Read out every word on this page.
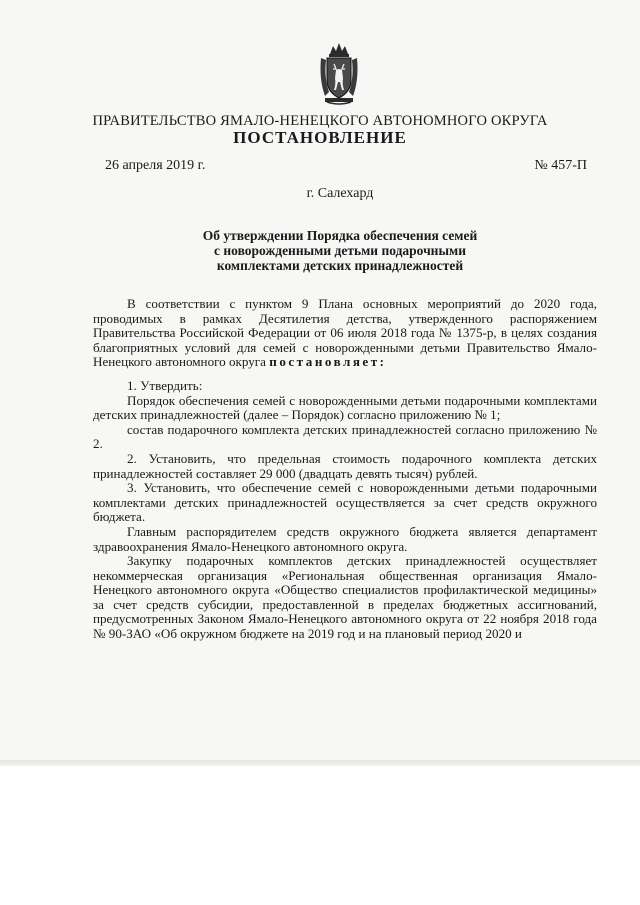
ПРАВИТЕЛЬСТВО ЯМАЛО-НЕНЕЦКОГО АВТОНОМНОГО ОКРУГА
ПОСТАНОВЛЕНИЕ
26 апреля 2019 г.	№ 457-П
г. Салехард
Об утверждении Порядка обеспечения семей
с новорожденными детьми подарочными
комплектами детских принадлежностей

В соответствии с пунктом 9 Плана основных мероприятий до 2020 года, проводимых в рамках Десятилетия детства, утвержденного распоряжением Правительства Российской Федерации от 06 июля 2018 года № 1375-р, в целях создания благоприятных условий для семей с новорожденными детьми Правительство Ямало-Ненецкого автономного округа постановляет:

1. Утвердить:

Порядок обеспечения семей с новорожденными детьми подарочными комплектами детских принадлежностей (далее – Порядок) согласно приложению № 1;

состав подарочного комплекта детских принадлежностей согласно приложению № 2.

2. Установить, что предельная стоимость подарочного комплекта детских принадлежностей составляет 29 000 (двадцать девять тысяч) рублей.

3. Установить, что обеспечение семей с новорожденными детьми подарочными комплектами детских принадлежностей осуществляется за счет средств окружного бюджета.

Главным распорядителем средств окружного бюджета является департамент здравоохранения Ямало-Ненецкого автономного округа.

Закупку подарочных комплектов детских принадлежностей осуществляет некоммерческая организация «Региональная общественная организация Ямало-Ненецкого автономного округа «Общество специалистов профилактической медицины» за счет средств субсидии, предоставленной в пределах бюджетных ассигнований, предусмотренных Законом Ямало-Ненецкого автономного округа от 22 ноября 2018 года № 90-ЗАО «Об окружном бюджете на 2019 год и на плановый период 2020 и
